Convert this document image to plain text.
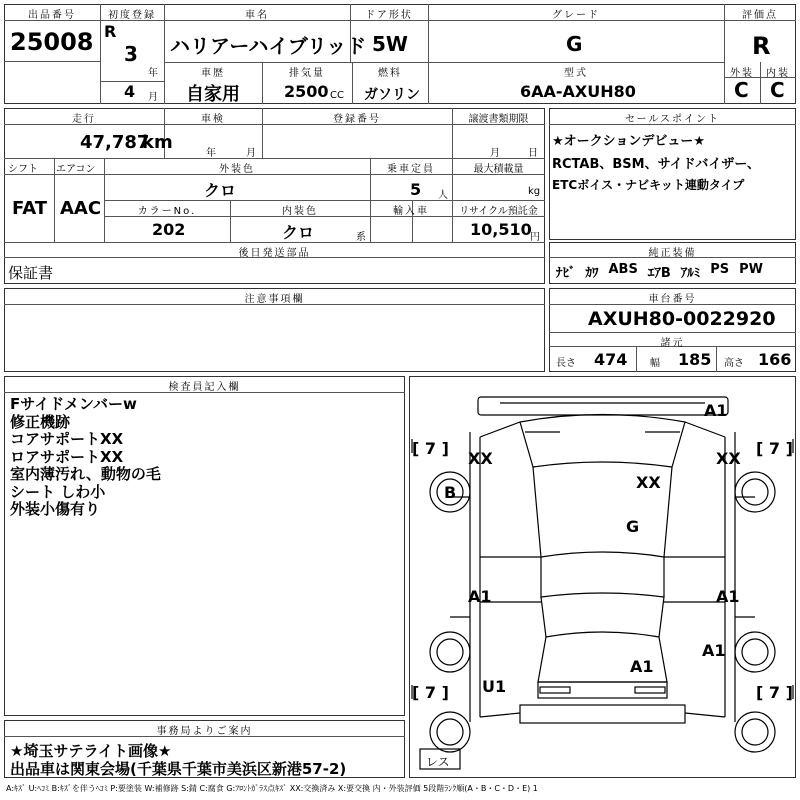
出品番号
25008
初度登録
R
3
年
4 月
車名
ハリアーハイブリッド
ドア形状
5W
グレード
G
評価点
R
車歴
自家用
排気量
2500 CC
燃料
ガソリン
型式
6AA-AXUH80
外装	内装
C C
走行
47,787
km
車検
年	月
登録番号	譲渡書類期限
月	日
シフト
FAT
エアコン
AAC
外装色
クロ
乗車定員
5 人
最大積載量
kg
カラーNo.
202
内装色
クロ	系
輸入車	リサイクル預託金
10,510
円
後日発送部品
保証書
セールスポイント
★オークションデビュー★
RCTAB、BSM、サイドバイザー、
ETCボイス・ナビキット連動タイプ
純正装備
ﾅﾋﾞ ｶﾜ ABS ｴｱB ｱﾙﾐ PS PW
注意事項欄	車台番号
AXUH80-0022920
諸元
長さ 474 幅 185 高さ 166
検査員記入欄
Fサイドメンバーw
修正機跡
コアサポートXX
ロアサポートXX
室内薄汚れ、動物の毛
シート しわ小
外装小傷有り
事務局よりご案内
★埼玉サテライト画像★
出品車は関東会場(千葉県千葉市美浜区新港57-2)
A1
XX	XX
XX
B
G
A1	A1
A1
A1
U1
[ 7 ]	[ 7 ]
[ 7 ]	[ 7 ]
レス
A:ｷｽﾞ U:ﾍｺﾐ B:ｷｽﾞを伴うﾍｺﾐ P:要塗装 W:補修跡 S:錆 C:腐食 G:ﾌﾛﾝﾄｶﾞﾗｽ点ｷｽﾞ XX:交換済み X:要交換 内・外装評価 5段階ﾗﾝｸ順(A・B・C・D・E) 1
